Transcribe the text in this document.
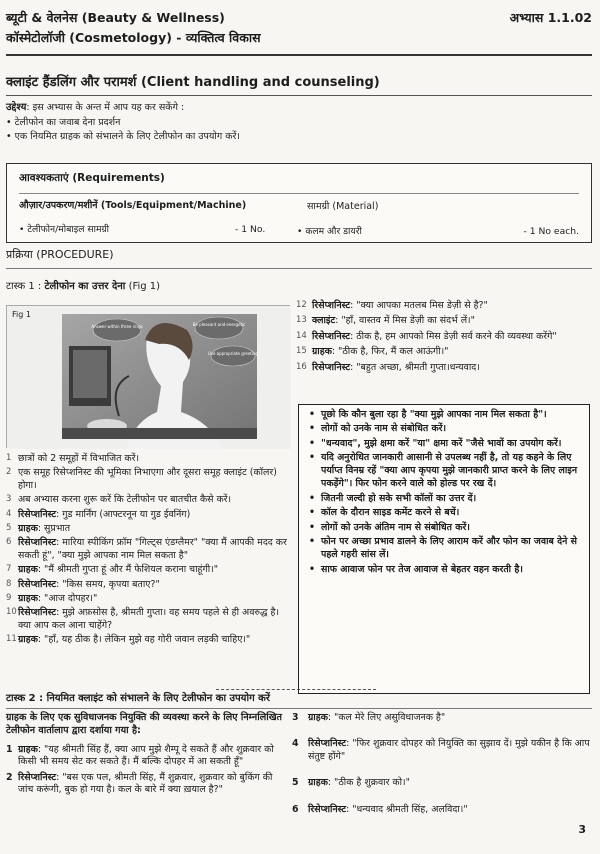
ब्यूटी & वेलनेस (Beauty & Wellness)
कॉस्मेटोलॉजी (Cosmetology) - व्यक्तित्व विकास
अभ्यास 1.1.02
क्लाइंट हैंडलिंग और परामर्श (Client handling and counseling)
उद्देश्य: इस अभ्यास के अन्त में आप यह कर सकेंगे :
• टेलीफोन का जवाब देना प्रदर्शन
• एक नियमित ग्राहक को संभालने के लिए टेलीफोन का उपयोग करें।
आवश्यकताएं (Requirements)
औज़ार/उपकरण/मशीनें (Tools/Equipment/Machine)	सामग्री (Material)
• टेलीफोन/मोबाइल सामग्री	- 1 No.	• कलम और डायरी	- 1 No each.
प्रक्रिया (PROCEDURE)
टास्क 1 : टेलीफोन का उत्तर देना (Fig 1)
Answer within three rings	Be pleasant and energetic
Use appropriate greeting
Fig 1
1 छात्रों को 2 समूहों में विभाजित करें।
2 एक समूह रिसेप्शनिस्ट की भूमिका निभाएगा और दूसरा समूह क्लाइंट (कॉलर) होगा।
3 अब अभ्यास करना शुरू करें कि टेलीफोन पर बातचीत कैसे करें।
4 रिसेप्शनिस्ट: गुड मार्निंग (आफ्टरनून या गुड ईवनिंग)
5 ग्राहक: सुप्रभात
6 रिसेप्शनिस्ट: मारिया स्पीकिंग फ्रॉम "गिल्ट्स एंडग्लैमर" "क्या मैं आपकी मदद कर सकती हूं", "क्या मुझे आपका नाम मिल सकता है"
7 ग्राहक: "मैं श्रीमती गुप्ता हूं और मैं फेशियल कराना चाहूंगी।"
8 रिसेप्शनिस्ट: "किस समय, कृपया बताए?"
9 ग्राहक: "आज दोपहर।"
10 रिसेप्शनिस्ट: मुझे अफ़सोस है, श्रीमती गुप्ता। वह समय पहले से ही अवरुद्ध है। क्या आप कल आना चाहेंगे?
11 ग्राहक: "हाँ, यह ठीक है। लेकिन मुझे वह गोरी जवान लड़की चाहिए।"
12 रिसेप्शनिस्ट: "क्या आपका मतलब मिस डेज़ी से है?"
13 क्लाइंट: "हाँ, वास्तव में मिस डेज़ी का संदर्भ लें।"
14 रिसेप्शनिस्ट: ठीक है, हम आपको मिस डेज़ी सर्व करने की व्यवस्था करेंगे"
15 ग्राहक: "ठीक है, फिर, मैं कल आऊंगी।"
16 रिसेप्शनिस्ट: "बहुत अच्छा, श्रीमती गुप्ता।धन्यवाद।
• पूछो कि कौन बुला रहा है "क्या मुझे आपका नाम मिल सकता है"।
• लोगों को उनके नाम से संबोधित करें।
• "धन्यवाद", मुझे क्षमा करें "या" क्षमा करें "जैसे भावों का उपयोग करें।
• यदि अनुरोधित जानकारी आसानी से उपलब्ध नहीं है, तो यह कहने के लिए पर्याप्त विनम्र रहें "क्या आप कृपया मुझे जानकारी प्राप्त करने के लिए लाइन पकड़ेंगे"। फिर फोन करने वाले को होल्ड पर रख दें।
• जितनी जल्दी हो सके सभी कॉलों का उत्तर दें।
• कॉल के दौरान साइड कमेंट करने से बचें।
• लोगों को उनके अंतिम नाम से संबोधित करें।
• फोन पर अच्छा प्रभाव डालने के लिए आराम करें और फोन का जवाब देने से पहले गहरी सांस लें।
• साफ आवाज फोन पर तेज आवाज से बेहतर वहन करती है।
टास्क 2 : नियमित क्लाइंट को संभालने के लिए टेलीफोन का उपयोग करें
ग्राहक के लिए एक सुविधाजनक नियुक्ति की व्यवस्था करने के लिए निम्नलिखित टेलीफोन वार्तालाप द्वारा दर्शाया गया है:
1 ग्राहक: "यह श्रीमती सिंह हैं, क्या आप मुझे शैम्पू दे सकते हैं और शुक्रवार को किसी भी समय सेट कर सकते हैं। मैं बल्कि दोपहर में आ सकती हूँ"
2 रिसेप्शनिस्ट: "बस एक पल, श्रीमती सिंह, मैं शुक्रवार, शुक्रवार को बुकिंग की जांच करूंगी, बुक हो गया है। कल के बारे में क्या ख़याल है?"
3 ग्राहक: "कल मेरे लिए असुविधाजनक है"
4 रिसेप्शनिस्ट: "फिर शुक्रवार दोपहर को नियुक्ति का सुझाव दें। मुझे यकीन है कि आप संतुष्ट होंगे"
5 ग्राहक: "ठीक है शुक्रवार को।"
6 रिसेप्शनिस्ट: "धन्यवाद श्रीमती सिंह, अलविदा।"
3
